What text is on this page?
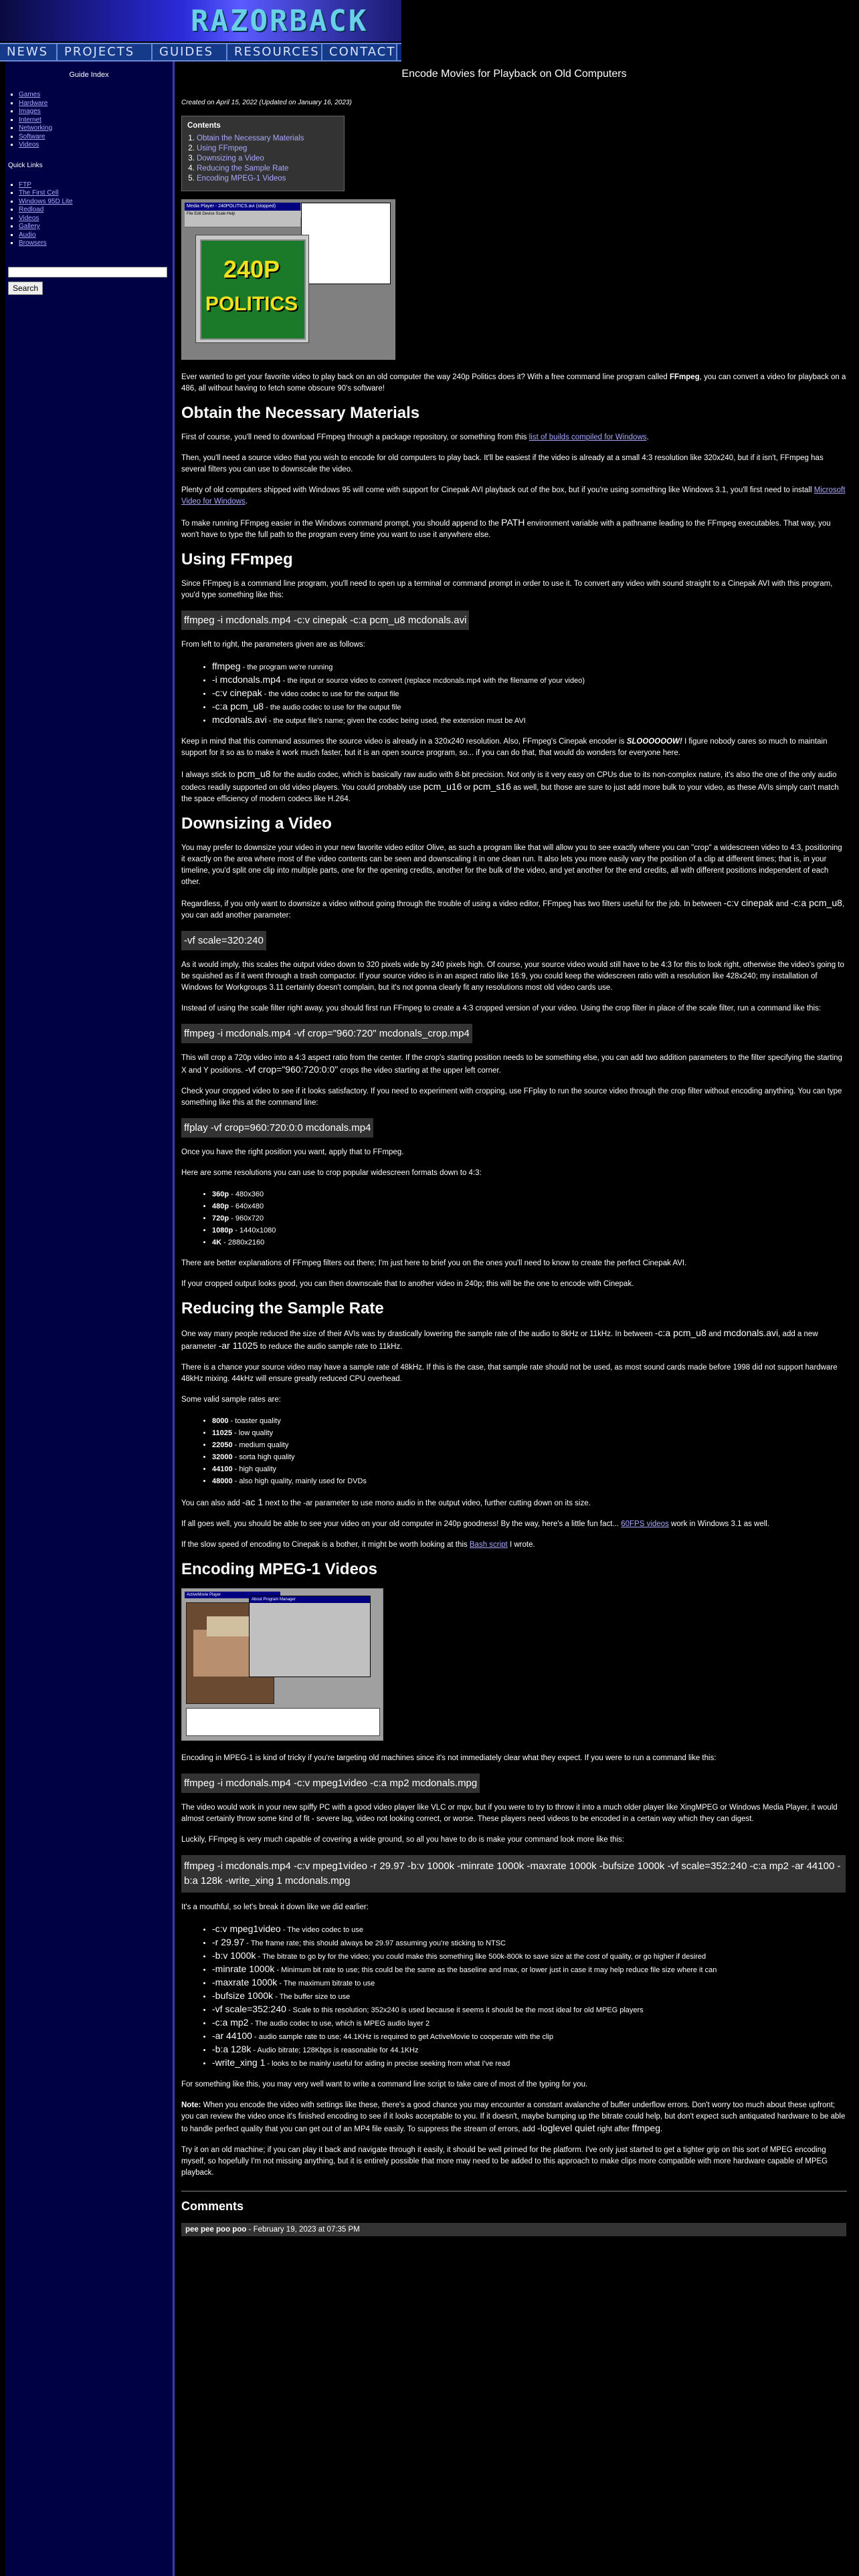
RAZORBACK
NEWS	PROJECTS	GUIDES	RESOURCES CONTACT
Guide Index
▪ Games
▪ Hardware
▪ Images
▪ Internet
▪ Networking
▪ Software
▪ Videos
Quick Links
▪ FTP
▪ The First Cell
▪ Windows 95D Lite
▪ Redload
▪ Videos
▪ Gallery
▪ Audio
▪ Browsers

Search
Encode Movies for Playback on Old Computers
Created on April 15, 2022 (Updated on January 16, 2023)
Contents
1. Obtain the Necessary Materials
2. Using FFmpeg
3. Downsizing a Video
4. Reducing the Sample Rate
5. Encoding MPEG-1 Videos
Media Player - 240POLITICS.avi (stopped)
File Edit Device Scale Help
240P
POLITICS

Ever wanted to get your favorite video to play back on an old computer the way 240p Politics does it? With a free command line program called FFmpeg, you can convert a video for playback on a 486, all without having to fetch some obscure 90's software!

Obtain the Necessary Materials

First of course, you'll need to download FFmpeg through a package repository, or something from this list of builds compiled for Windows.

Then, you'll need a source video that you wish to encode for old computers to play back. It'll be easiest if the video is already at a small 4:3 resolution like 320x240, but if it isn't, FFmpeg has several filters you can use to downscale the video.

Plenty of old computers shipped with Windows 95 will come with support for Cinepak AVI playback out of the box, but if you're using something like Windows 3.1, you'll first need to install Microsoft Video for Windows.

To make running FFmpeg easier in the Windows command prompt, you should append to the PATH environment variable with a pathname leading to the FFmpeg executables. That way, you won't have to type the full path to the program every time you want to use it anywhere else.

Using FFmpeg

Since FFmpeg is a command line program, you'll need to open up a terminal or command prompt in order to use it. To convert any video with sound straight to a Cinepak AVI with this program, you'd type something like this:

ffmpeg -i mcdonals.mp4 -c:v cinepak -c:a pcm_u8 mcdonals.avi

From left to right, the parameters given are as follows:

• ffmpeg - the program we're running
• -i mcdonals.mp4 - the input or source video to convert (replace mcdonals.mp4 with the filename of your video)
• -c:v cinepak - the video codec to use for the output file
• -c:a pcm_u8 - the audio codec to use for the output file
• mcdonals.avi - the output file's name; given the codec being used, the extension must be AVI

Keep in mind that this command assumes the source video is already in a 320x240 resolution. Also, FFmpeg's Cinepak encoder is SLOOOOOOW! I figure nobody cares so much to maintain support for it so as to make it work much faster, but it is an open source program, so... if you can do that, that would do wonders for everyone here.

I always stick to pcm_u8 for the audio codec, which is basically raw audio with 8-bit precision. Not only is it very easy on CPUs due to its non-complex nature, it's also the one of the only audio codecs readily supported on old video players. You could probably use pcm_u16 or pcm_s16 as well, but those are sure to just add more bulk to your video, as these AVIs simply can't match the space efficiency of modern codecs like H.264.

Downsizing a Video

You may prefer to downsize your video in your new favorite video editor Olive, as such a program like that will allow you to see exactly where you can "crop" a widescreen video to 4:3, positioning it exactly on the area where most of the video contents can be seen and downscaling it in one clean run. It also lets you more easily vary the position of a clip at different times; that is, in your timeline, you'd split one clip into multiple parts, one for the opening credits, another for the bulk of the video, and yet another for the end credits, all with different positions independent of each other.

Regardless, if you only want to downsize a video without going through the trouble of using a video editor, FFmpeg has two filters useful for the job. In between -c:v cinepak and -c:a pcm_u8, you can add another parameter:

-vf scale=320:240

As it would imply, this scales the output video down to 320 pixels wide by 240 pixels high. Of course, your source video would still have to be 4:3 for this to look right, otherwise the video's going to be squished as if it went through a trash compactor. If your source video is in an aspect ratio like 16:9, you could keep the widescreen ratio with a resolution like 428x240; my installation of Windows for Workgroups 3.11 certainly doesn't complain, but it's not gonna clearly fit any resolutions most old video cards use.

Instead of using the scale filter right away, you should first run FFmpeg to create a 4:3 cropped version of your video. Using the crop filter in place of the scale filter, run a command like this:

ffmpeg -i mcdonals.mp4 -vf crop="960:720" mcdonals_crop.mp4

This will crop a 720p video into a 4:3 aspect ratio from the center. If the crop's starting position needs to be something else, you can add two addition parameters to the filter specifying the starting X and Y positions. -vf crop="960:720:0:0" crops the video starting at the upper left corner.

Check your cropped video to see if it looks satisfactory. If you need to experiment with cropping, use FFplay to run the source video through the crop filter without encoding anything. You can type something like this at the command line:

ffplay -vf crop=960:720:0:0 mcdonals.mp4

Once you have the right position you want, apply that to FFmpeg.

Here are some resolutions you can use to crop popular widescreen formats down to 4:3:

• 360p - 480x360
• 480p - 640x480
• 720p - 960x720
• 1080p - 1440x1080
• 4K - 2880x2160

There are better explanations of FFmpeg filters out there; I'm just here to brief you on the ones you'll need to know to create the perfect Cinepak AVI.

If your cropped output looks good, you can then downscale that to another video in 240p; this will be the one to encode with Cinepak.

Reducing the Sample Rate

One way many people reduced the size of their AVIs was by drastically lowering the sample rate of the audio to 8kHz or 11kHz. In between -c:a pcm_u8 and mcdonals.avi, add a new parameter -ar 11025 to reduce the audio sample rate to 11kHz.

There is a chance your source video may have a sample rate of 48kHz. If this is the case, that sample rate should not be used, as most sound cards made before 1998 did not support hardware 48kHz mixing. 44kHz will ensure greatly reduced CPU overhead.

Some valid sample rates are:

• 8000 - toaster quality
• 11025 - low quality
• 22050 - medium quality
• 32000 - sorta high quality
• 44100 - high quality
• 48000 - also high quality, mainly used for DVDs

You can also add -ac 1 next to the -ar parameter to use mono audio in the output video, further cutting down on its size.

If all goes well, you should be able to see your video on your old computer in 240p goodness! By the way, here's a little fun fact... 60FPS videos work in Windows 3.1 as well.

If the slow speed of encoding to Cinepak is a bother, it might be worth looking at this Bash script I wrote.

Encoding MPEG-1 Videos
ActiveMovie Player
About Program Manager

Encoding in MPEG-1 is kind of tricky if you're targeting old machines since it's not immediately clear what they expect. If you were to run a command like this:

ffmpeg -i mcdonals.mp4 -c:v mpeg1video -c:a mp2 mcdonals.mpg

The video would work in your new spiffy PC with a good video player like VLC or mpv, but if you were to try to throw it into a much older player like XingMPEG or Windows Media Player, it would almost certainly throw some kind of fit - severe lag, video not looking correct, or worse. These players need videos to be encoded in a certain way which they can digest.

Luckily, FFmpeg is very much capable of covering a wide ground, so all you have to do is make your command look more like this:

ffmpeg -i mcdonals.mp4 -c:v mpeg1video -r 29.97 -b:v 1000k -minrate 1000k -maxrate 1000k -bufsize 1000k -vf scale=352:240 -c:a mp2 -ar 44100 -b:a 128k -write_xing 1 mcdonals.mpg

It's a mouthful, so let's break it down like we did earlier:

• -c:v mpeg1video - The video codec to use
• -r 29.97 - The frame rate; this should always be 29.97 assuming you're sticking to NTSC
• -b:v 1000k - The bitrate to go by for the video; you could make this something like 500k-800k to save size at the cost of quality, or go higher if desired
• -minrate 1000k - Minimum bit rate to use; this could be the same as the baseline and max, or lower just in case it may help reduce file size where it can
• -maxrate 1000k - The maximum bitrate to use
• -bufsize 1000k - The buffer size to use
• -vf scale=352:240 - Scale to this resolution; 352x240 is used because it seems it should be the most ideal for old MPEG players
• -c:a mp2 - The audio codec to use, which is MPEG audio layer 2
• -ar 44100 - audio sample rate to use; 44.1KHz is required to get ActiveMovie to cooperate with the clip
• -b:a 128k - Audio bitrate; 128Kbps is reasonable for 44.1KHz
• -write_xing 1 - looks to be mainly useful for aiding in precise seeking from what I've read

For something like this, you may very well want to write a command line script to take care of most of the typing for you.

Note: When you encode the video with settings like these, there's a good chance you may encounter a constant avalanche of buffer underflow errors. Don't worry too much about these upfront; you can review the video once it's finished encoding to see if it looks acceptable to you. If it doesn't, maybe bumping up the bitrate could help, but don't expect such antiquated hardware to be able to handle perfect quality that you can get out of an MP4 file easily. To suppress the stream of errors, add -loglevel quiet right after ffmpeg.

Try it on an old machine; if you can play it back and navigate through it easily, it should be well primed for the platform. I've only just started to get a tighter grip on this sort of MPEG encoding myself, so hopefully I'm not missing anything, but it is entirely possible that more may need to be added to this approach to make clips more compatible with more hardware capable of MPEG playback.

Comments
pee pee poo poo - February 19, 2023 at 07:35 PM
